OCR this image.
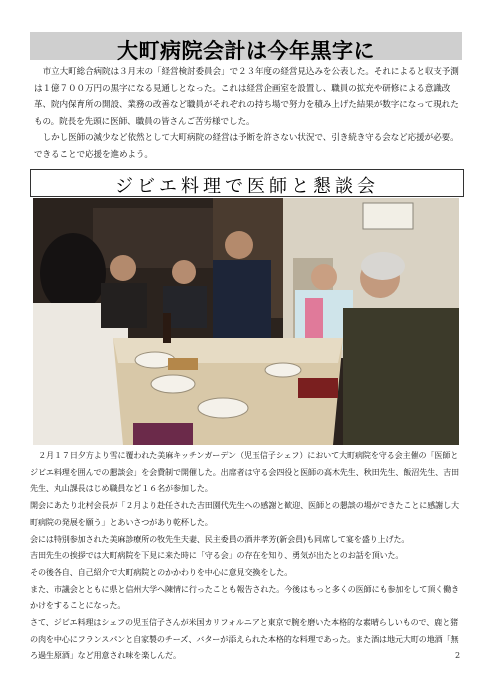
大町病院会計は今年黒字に

市立大町総合病院は３月末の「経営検討委員会」で２３年度の経営見込みを公表した。それによると収支予測は１億７００万円の黒字になる見通しとなった。これは経営企画室を設置し、職員の拡充や研修による意識改革、院内保育所の開設、業務の改善など職員がそれぞれの持ち場で努力を積み上げた結果が数字になって現れたもの。院長を先頭に医師、職員の皆さんご苦労様でした。

しかし医師の減少など依然として大町病院の経営は予断を許さない状況で、引き続き守る会など応援が必要。できることで応援を進めよう。

ジビエ料理で医師と懇談会

２月１７日夕方より雪に覆われた美麻キッチンガーデン（児玉信子シェフ）において大町病院を守る会主催の「医師とジビエ料理を囲んでの懇談会」を会費制で開催した。出席者は守る会四役と医師の高木先生、秋田先生、飯沼先生、吉田先生、丸山課長はじめ職員など１６名が参加した。

開会にあたり北村会長が「２月より赴任された吉田園代先生への感謝と歓迎、医師との懇談の場ができたことに感謝し大町病院の発展を願う」とあいさつがあり乾杯した。

会には特別参加された美麻診療所の牧先生夫妻、民主委員の酒井孝芳(新会員)も同席して宴を盛り上げた。

吉田先生の挨拶では大町病院を下見に来た時に「守る会」の存在を知り、勇気が出たとのお話を頂いた。

その後各自、自己紹介で大町病院とのかかわりを中心に意見交換をした。

また、市議会とともに県と信州大学へ陳情に行ったことも報告された。今後はもっと多くの医師にも参加をして頂く働きかけをすることになった。

さて、ジビエ料理はシェフの児玉信子さんが米国カリフォルニアと東京で腕を磨いた本格的な素晴らしいもので、鹿と猪の肉を中心にフランスパンと自家製のチーズ、バターが添えられた本格的な料理であった。また酒は地元大町の地酒「無ろ過生原酒」など用意され味を楽しんだ。	2
